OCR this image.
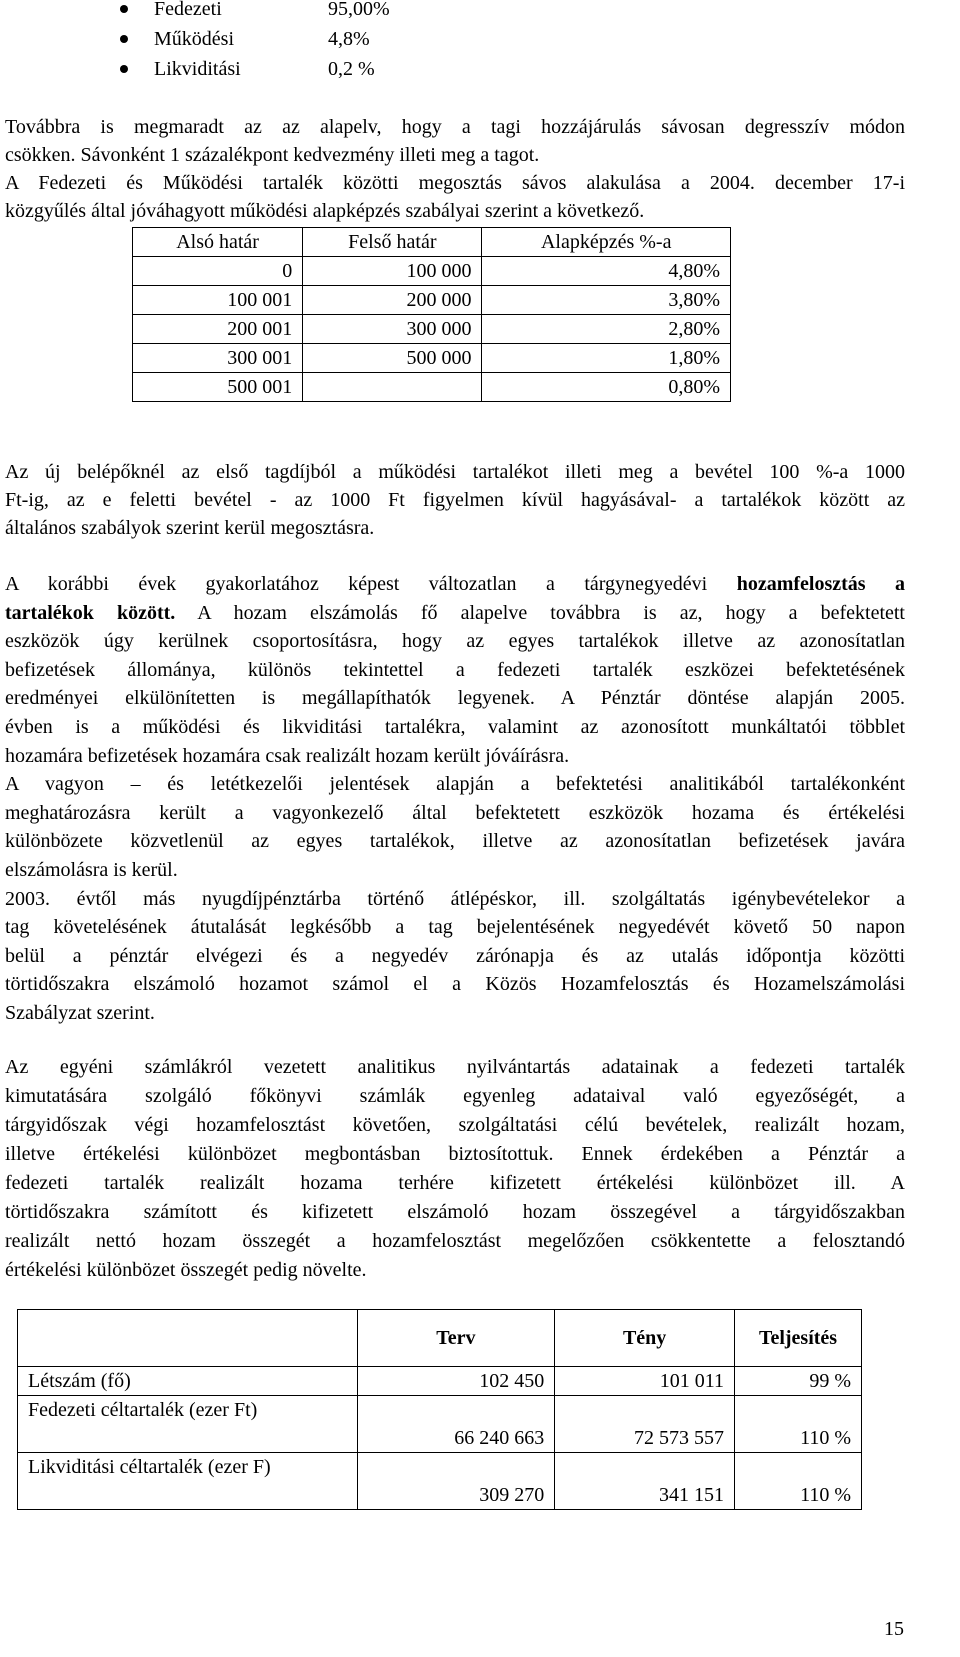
Fedezeti	95,00%
Működési	4,8%
Likviditási	0,2 %

Továbbra is megmaradt az az alapelv, hogy a tagi hozzájárulás sávosan degresszív módon
csökken. Sávonként 1 százalékpont kedvezmény illeti meg a tagot.
A Fedezeti és Működési tartalék közötti megosztás sávos alakulása a 2004. december 17-i
közgyűlés által jóváhagyott működési alapképzés szabályai szerint a következő.

Alsó határ	Felső határ	Alapképzés %-a
0	100 000	4,80%
100 001	200 000	3,80%
200 001	300 000	2,80%
300 001	500 000	1,80%
500 001		0,80%

Az új belépőknél az első tagdíjból a működési tartalékot illeti meg a bevétel 100 %-a 1000
Ft-ig, az e feletti bevétel - az 1000 Ft figyelmen kívül hagyásával- a tartalékok között az
általános szabályok szerint kerül megosztásra.

A korábbi évek gyakorlatához képest változatlan a tárgynegyedévi hozamfelosztás a
tartalékok között. A hozam elszámolás fő alapelve továbbra is az, hogy a befektetett
eszközök úgy kerülnek csoportosításra, hogy az egyes tartalékok illetve az azonosítatlan
befizetések állománya, különös tekintettel a fedezeti tartalék eszközei befektetésének
eredményei elkülönítetten is megállapíthatók legyenek. A Pénztár döntése alapján 2005.
évben is a működési és likviditási tartalékra, valamint az azonosított munkáltatói többlet
hozamára befizetések hozamára csak realizált hozam került jóváírásra.
A vagyon – és letétkezelői jelentések alapján a befektetési analitikából tartalékonként
meghatározásra került a vagyonkezelő által befektetett eszközök hozama és értékelési
különbözete közvetlenül az egyes tartalékok, illetve az azonosítatlan befizetések javára
elszámolásra is kerül.
2003. évtől más nyugdíjpénztárba történő átlépéskor, ill. szolgáltatás igénybevételekor a
tag követelésének átutalását legkésőbb a tag bejelentésének negyedévét követő 50 napon
belül a pénztár elvégezi és a negyedév zárónapja és az utalás időpontja közötti
törtidőszakra elszámoló hozamot számol el a Közös Hozamfelosztás és Hozamelszámolási
Szabályzat szerint.

Az egyéni számlákról vezetett analitikus nyilvántartás adatainak a fedezeti tartalék
kimutatására szolgáló főkönyvi számlák egyenleg adataival való egyezőségét, a
tárgyidőszak végi hozamfelosztást követően, szolgáltatási célú bevételek, realizált hozam,
illetve értékelési különbözet megbontásban biztosítottuk. Ennek érdekében a Pénztár a
fedezeti tartalék realizált hozama terhére kifizetett értékelési különbözet ill. A
törtidőszakra számított és kifizetett elszámoló hozam összegével a tárgyidőszakban
realizált nettó hozam összegét a hozamfelosztást megelőzően csökkentette a felosztandó
értékelési különbözet összegét pedig növelte.

	Terv	Tény	Teljesítés
Létszám (fő)	102 450	101 011	99 %
Fedezeti céltartalék (ezer Ft)	66 240 663	72 573 557	110 %
Likviditási céltartalék (ezer F)	309 270	341 151	110 %
15
